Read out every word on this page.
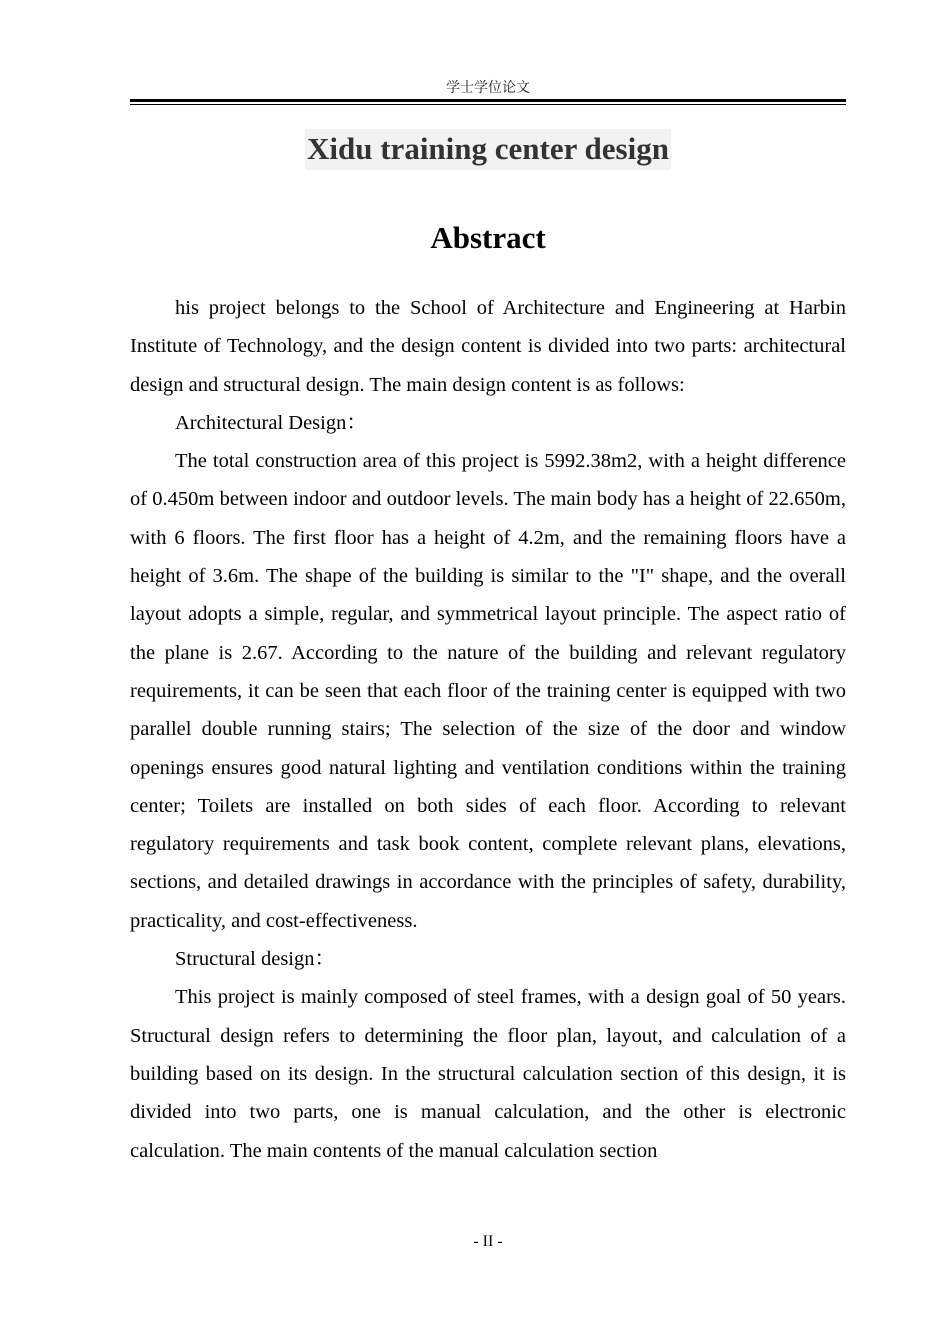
学士学位论文
Xidu training center design
Abstract

his project belongs to the School of Architecture and Engineering at Harbin Institute of Technology, and the design content is divided into two parts: architectural design and structural design. The main design content is as follows:

Architectural Design：

The total construction area of this project is 5992.38m2, with a height difference of 0.450m between indoor and outdoor levels. The main body has a height of 22.650m, with 6 floors. The first floor has a height of 4.2m, and the remaining floors have a height of 3.6m. The shape of the building is similar to the "I" shape, and the overall layout adopts a simple, regular, and symmetrical layout principle. The aspect ratio of the plane is 2.67. According to the nature of the building and relevant regulatory requirements, it can be seen that each floor of the training center is equipped with two parallel double running stairs; The selection of the size of the door and window openings ensures good natural lighting and ventilation conditions within the training center; Toilets are installed on both sides of each floor. According to relevant regulatory requirements and task book content, complete relevant plans, elevations, sections, and detailed drawings in accordance with the principles of safety, durability, practicality, and cost-effectiveness.

Structural design：

This project is mainly composed of steel frames, with a design goal of 50 years. Structural design refers to determining the floor plan, layout, and calculation of a building based on its design. In the structural calculation section of this design, it is divided into two parts, one is manual calculation, and the other is electronic calculation. The main contents of the manual calculation section

- II -
